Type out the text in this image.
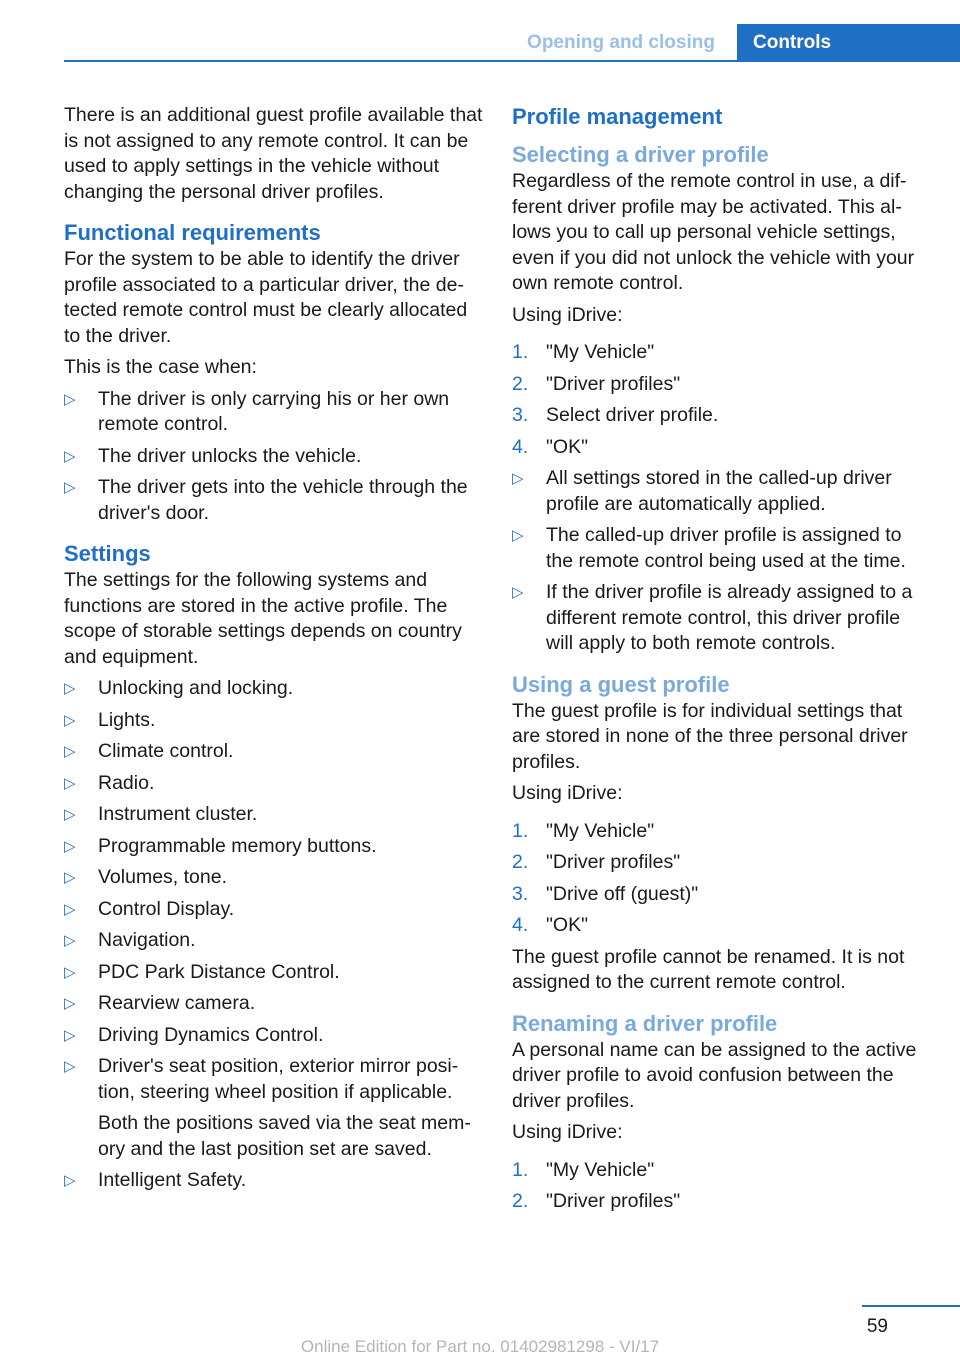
Opening and closing	Controls

There is an additional guest profile available that is not assigned to any remote control. It can be used to apply settings in the vehicle without changing the personal driver profiles.

Functional requirements

For the system to be able to identify the driver profile associated to a particular driver, the detected remote control must be clearly allocated to the driver.

This is the case when:

▷ The driver is only carrying his or her own remote control.
▷ The driver unlocks the vehicle.
▷ The driver gets into the vehicle through the driver's door.
Settings

The settings for the following systems and functions are stored in the active profile. The scope of storable settings depends on country and equipment.

▷ Unlocking and locking.
▷ Lights.
▷ Climate control.
▷ Radio.
▷ Instrument cluster.
▷ Programmable memory buttons.
▷ Volumes, tone.
▷ Control Display.
▷ Navigation.
▷ PDC Park Distance Control.
▷ Rearview camera.
▷ Driving Dynamics Control.
▷ Driver's seat position, exterior mirror position, steering wheel position if applicable.
Both the positions saved via the seat memory and the last position set are saved.
▷ Intelligent Safety.
Profile management
Selecting a driver profile

Regardless of the remote control in use, a different driver profile may be activated. This allows you to call up personal vehicle settings, even if you did not unlock the vehicle with your own remote control.

Using iDrive:

1. "My Vehicle"
2. "Driver profiles"
3. Select driver profile.
4. "OK"
▷ All settings stored in the called-up driver profile are automatically applied.
▷ The called-up driver profile is assigned to the remote control being used at the time.
▷ If the driver profile is already assigned to a different remote control, this driver profile will apply to both remote controls.
Using a guest profile

The guest profile is for individual settings that are stored in none of the three personal driver profiles.

Using iDrive:

1. "My Vehicle"
2. "Driver profiles"
3. "Drive off (guest)"
4. "OK"

The guest profile cannot be renamed. It is not assigned to the current remote control.

Renaming a driver profile

A personal name can be assigned to the active driver profile to avoid confusion between the driver profiles.

Using iDrive:

1. "My Vehicle"
2. "Driver profiles"
59
Online Edition for Part no. 01402981298 - VI/17
